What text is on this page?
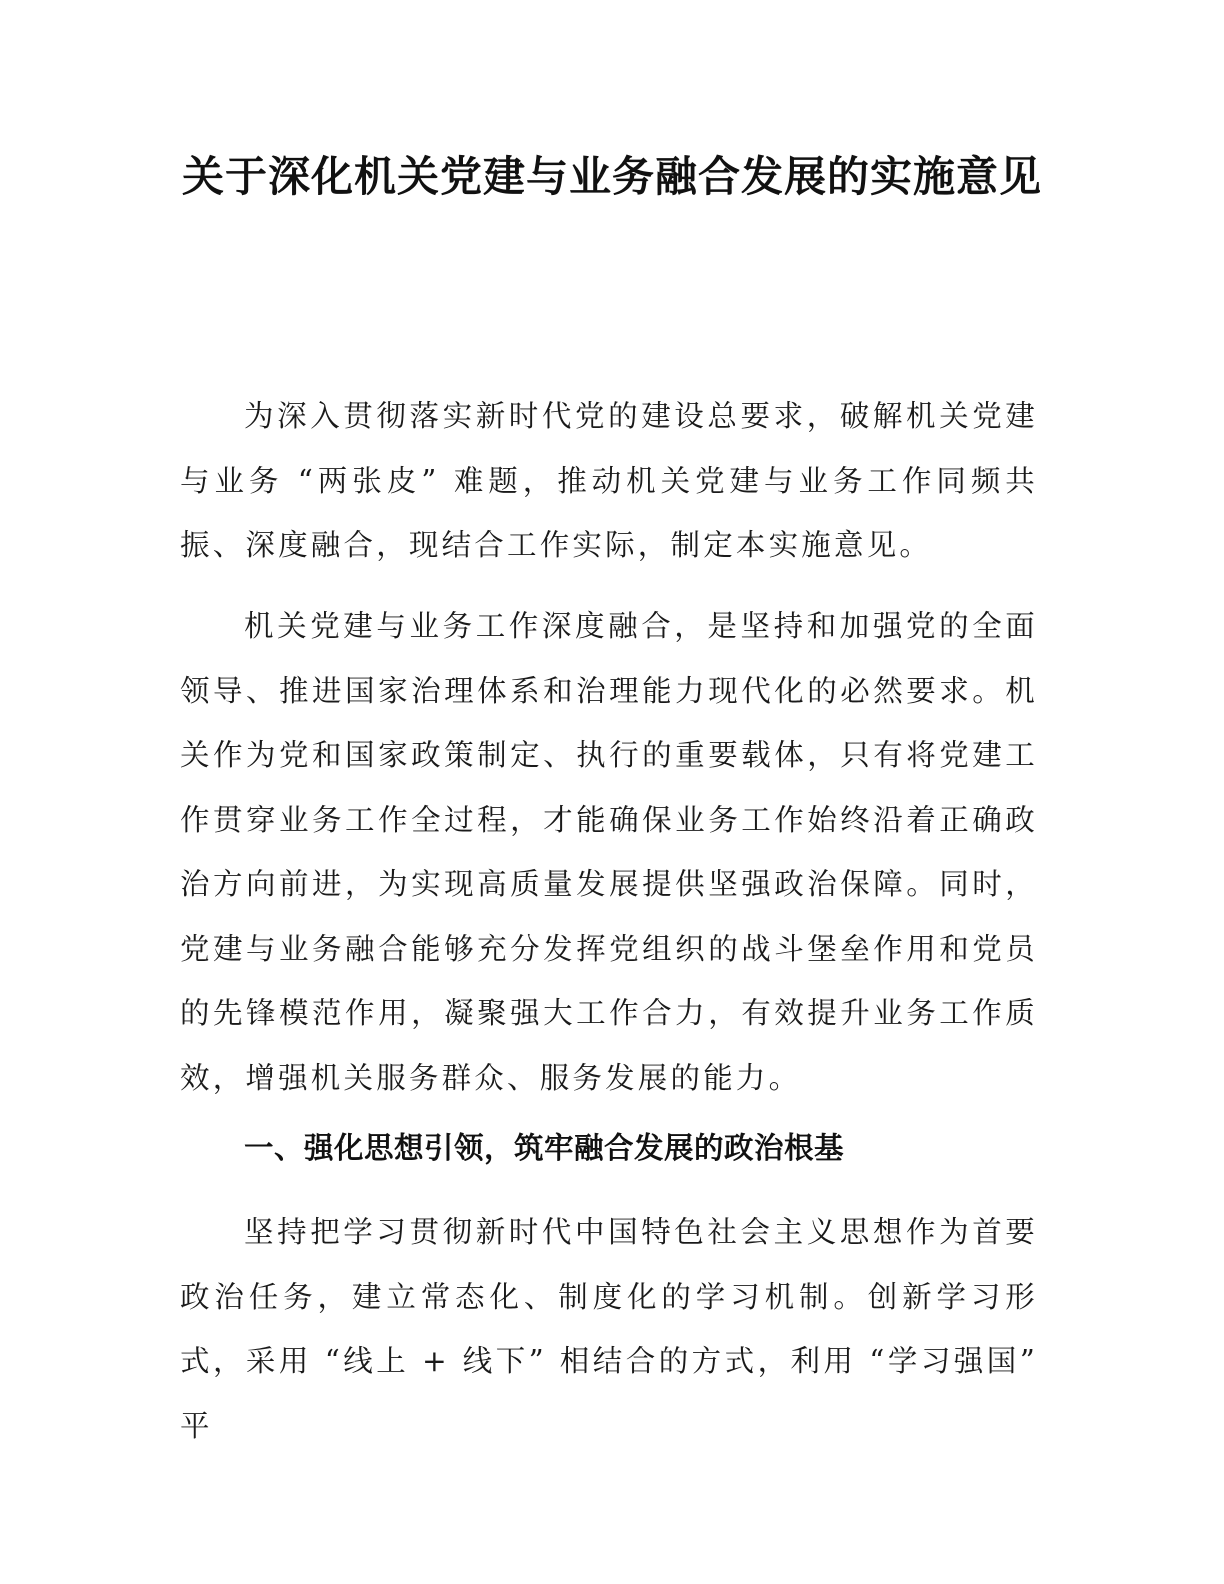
关于深化机关党建与业务融合发展的实施意见

为深入贯彻落实新时代党的建设总要求，破解机关党建与业务 “两张皮” 难题，推动机关党建与业务工作同频共振、深度融合，现结合工作实际，制定本实施意见。

机关党建与业务工作深度融合，是坚持和加强党的全面领导、推进国家治理体系和治理能力现代化的必然要求。机关作为党和国家政策制定、执行的重要载体，只有将党建工作贯穿业务工作全过程，才能确保业务工作始终沿着正确政治方向前进，为实现高质量发展提供坚强政治保障。同时，党建与业务融合能够充分发挥党组织的战斗堡垒作用和党员的先锋模范作用，凝聚强大工作合力，有效提升业务工作质效，增强机关服务群众、服务发展的能力。

一、强化思想引领，筑牢融合发展的政治根基

坚持把学习贯彻新时代中国特色社会主义思想作为首要政治任务，建立常态化、制度化的学习机制。创新学习形式，采用 “线上 + 线下” 相结合的方式，利用 “学习强国” 平
